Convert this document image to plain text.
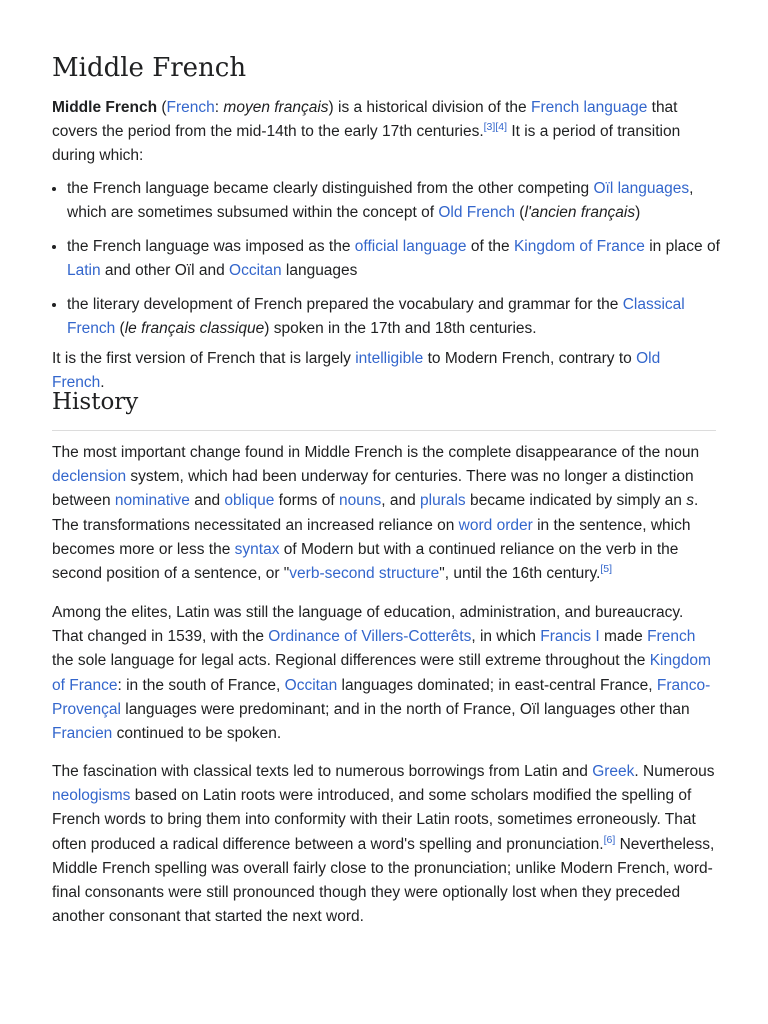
Middle French

Middle French (French: moyen français) is a historical division of the French language that covers the period from the mid-14th to the early 17th centuries.[3][4] It is a period of transition during which:

• the French language became clearly distinguished from the other competing Oïl languages, which are sometimes subsumed within the concept of Old French (l'ancien français)
• the French language was imposed as the official language of the Kingdom of France in place of Latin and other Oïl and Occitan languages
• the literary development of French prepared the vocabulary and grammar for the Classical French (le français classique) spoken in the 17th and 18th centuries.

It is the first version of French that is largely intelligible to Modern French, contrary to Old French.

History

The most important change found in Middle French is the complete disappearance of the noun declension system, which had been underway for centuries. There was no longer a distinction between nominative and oblique forms of nouns, and plurals became indicated by simply an s. The transformations necessitated an increased reliance on word order in the sentence, which becomes more or less the syntax of Modern but with a continued reliance on the verb in the second position of a sentence, or "verb-second structure", until the 16th century.[5]

Among the elites, Latin was still the language of education, administration, and bureaucracy. That changed in 1539, with the Ordinance of Villers-Cotterêts, in which Francis I made French the sole language for legal acts. Regional differences were still extreme throughout the Kingdom of France: in the south of France, Occitan languages dominated; in east-central France, Franco-Provençal languages were predominant; and in the north of France, Oïl languages other than Francien continued to be spoken.

The fascination with classical texts led to numerous borrowings from Latin and Greek. Numerous neologisms based on Latin roots were introduced, and some scholars modified the spelling of French words to bring them into conformity with their Latin roots, sometimes erroneously. That often produced a radical difference between a word's spelling and pronunciation.[6] Nevertheless, Middle French spelling was overall fairly close to the pronunciation; unlike Modern French, word-final consonants were still pronounced though they were optionally lost when they preceded another consonant that started the next word.
